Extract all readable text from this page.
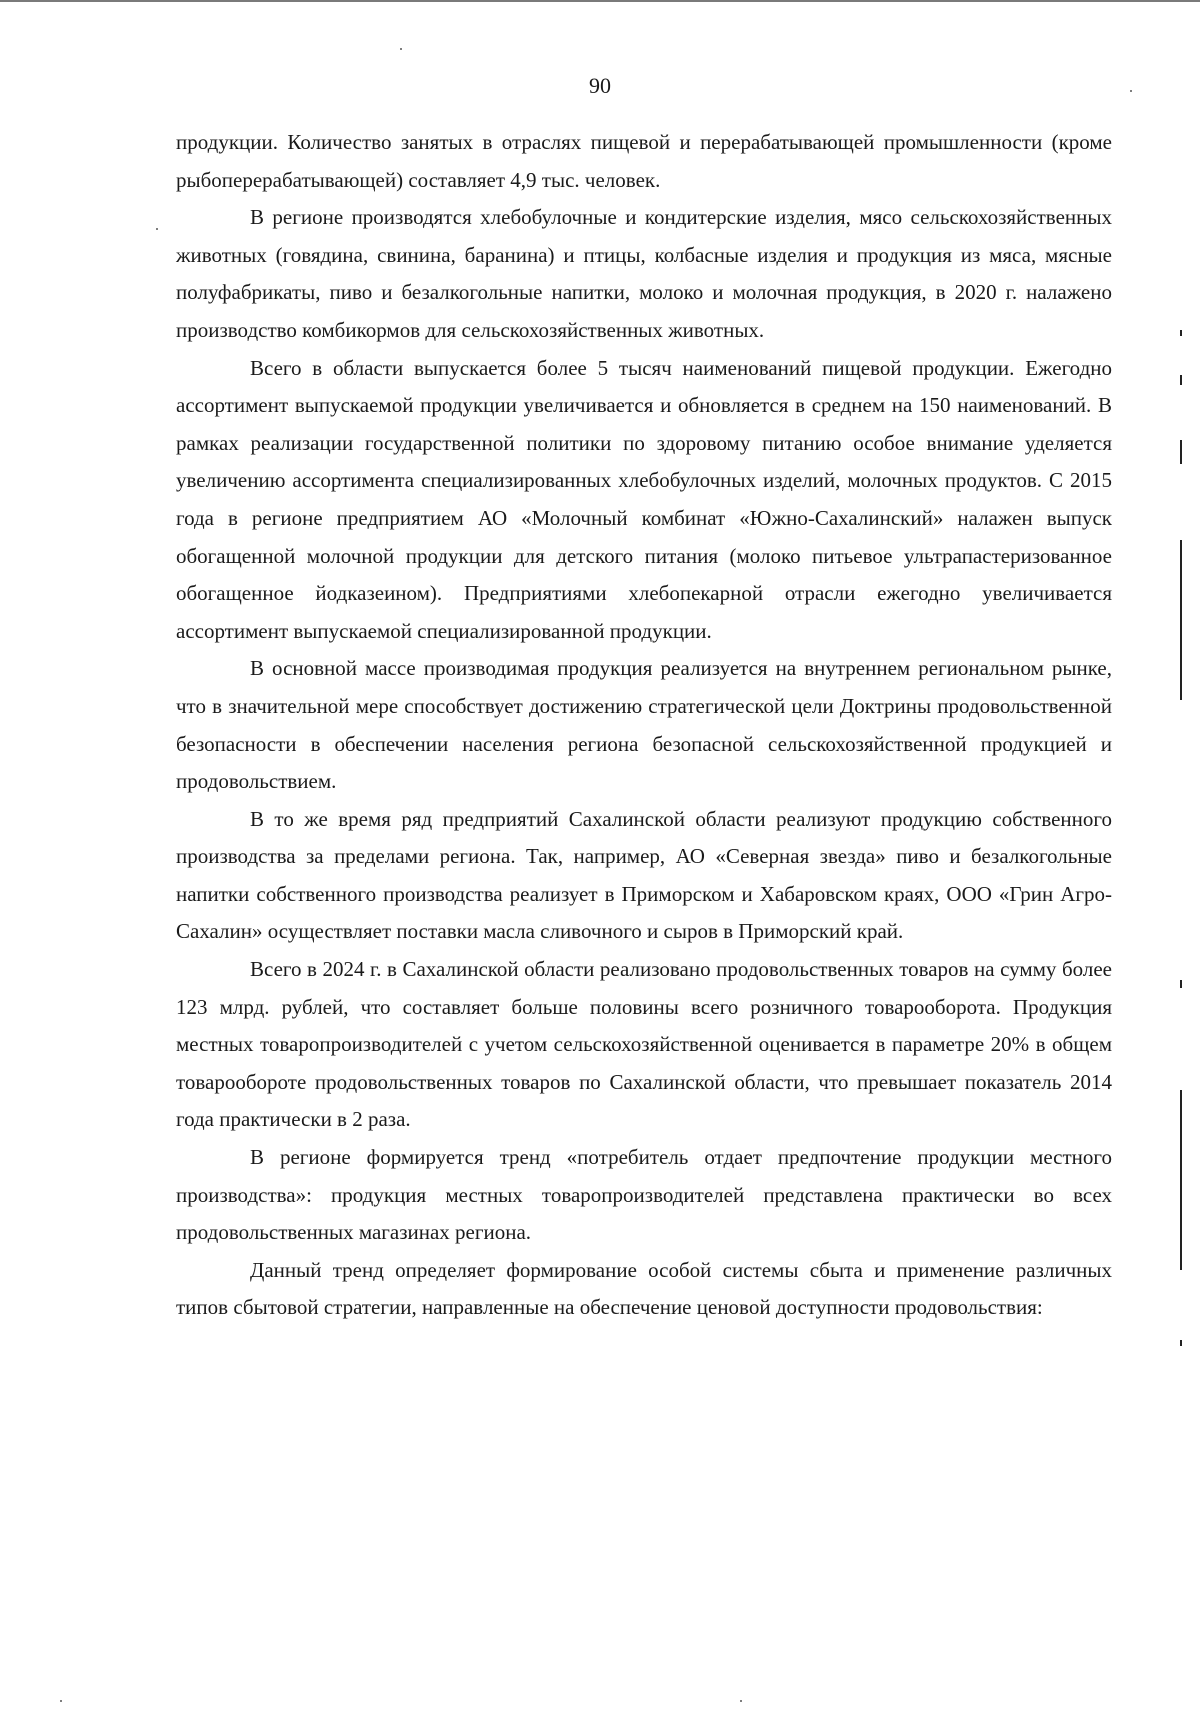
90

продукции. Количество занятых в отраслях пищевой и перерабатывающей промышленности (кроме рыбоперерабатывающей) составляет 4,9 тыс. человек.

В регионе производятся хлебобулочные и кондитерские изделия, мясо сельскохозяйственных животных (говядина, свинина, баранина) и птицы, колбасные изделия и продукция из мяса, мясные полуфабрикаты, пиво и безалкогольные напитки, молоко и молочная продукция, в 2020 г. налажено производство комбикормов для сельскохозяйственных животных.

Всего в области выпускается более 5 тысяч наименований пищевой продукции. Ежегодно ассортимент выпускаемой продукции увеличивается и обновляется в среднем на 150 наименований. В рамках реализации государственной политики по здоровому питанию особое внимание уделяется увеличению ассортимента специализированных хлебобулочных изделий, молочных продуктов. С 2015 года в регионе предприятием АО «Молочный комбинат «Южно-Сахалинский» налажен выпуск обогащенной молочной продукции для детского питания (молоко питьевое ультрапастеризованное обогащенное йодказеином). Предприятиями хлебопекарной отрасли ежегодно увеличивается ассортимент выпускаемой специализированной продукции.

В основной массе производимая продукция реализуется на внутреннем региональном рынке, что в значительной мере способствует достижению стратегической цели Доктрины продовольственной безопасности в обеспечении населения региона безопасной сельскохозяйственной продукцией и продовольствием.

В то же время ряд предприятий Сахалинской области реализуют продукцию собственного производства за пределами региона. Так, например, АО «Северная звезда» пиво и безалкогольные напитки собственного производства реализует в Приморском и Хабаровском краях, ООО «Грин Агро-Сахалин» осуществляет поставки масла сливочного и сыров в Приморский край.

Всего в 2024 г. в Сахалинской области реализовано продовольственных товаров на сумму более 123 млрд. рублей, что составляет больше половины всего розничного товарооборота. Продукция местных товаропроизводителей с учетом сельскохозяйственной оценивается в параметре 20% в общем товарообороте продовольственных товаров по Сахалинской области, что превышает показатель 2014 года практически в 2 раза.

В регионе формируется тренд «потребитель отдает предпочтение продукции местного производства»: продукция местных товаропроизводителей представлена практически во всех продовольственных магазинах региона.

Данный тренд определяет формирование особой системы сбыта и применение различных типов сбытовой стратегии, направленные на обеспечение ценовой доступности продовольствия:
